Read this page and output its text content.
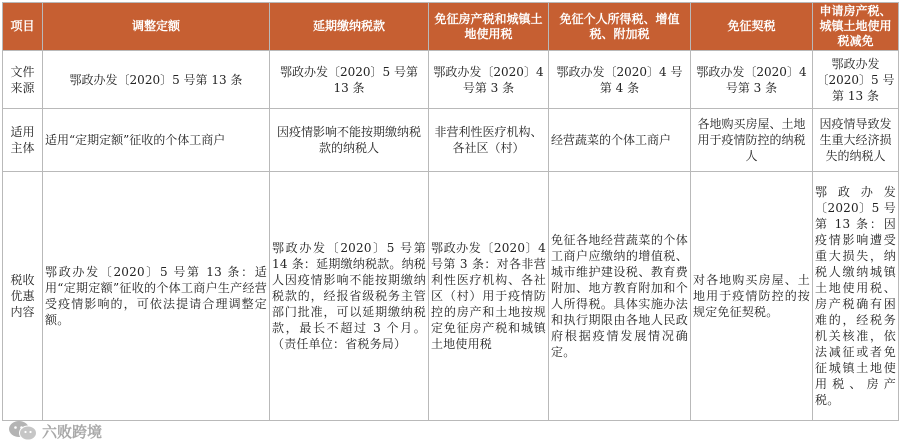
项目	调整定额	延期缴纳税款	免征房产税和城镇土地使用税	免征个人所得税、增值税、附加税	免征契税	申请房产税、城镇土地使用税减免
文件来源	鄂政办发〔2020〕5 号第 13 条	鄂政办发〔2020〕5 号第 13 条	鄂政办发〔2020〕4 号第 3 条	鄂政办发〔2020〕4 号第 4 条	鄂政办发〔2020〕4 号第 3 条	鄂政办发〔2020〕5 号第 13 条
适用主体	适用“定期定额”征收的个体工商户	因疫情影响不能按期缴纳税款的纳税人	非营利性医疗机构、各社区（村）	经营蔬菜的个体工商户	各地购买房屋、土地用于疫情防控的纳税人	因疫情导致发生重大经济损失的纳税人
税收优惠内容	鄂政办发〔2020〕5 号第 13 条：适用“定期定额”征收的个体工商户生产经营受疫情影响的，可依法提请合理调整定额。	鄂政办发〔2020〕5 号第 14 条：延期缴纳税款。纳税人因疫情影响不能按期缴纳税款的，经报省级税务主管部门批准，可以延期缴纳税款，最长不超过 3 个月。（责任单位：省税务局）	鄂政办发〔2020〕4 号第 3 条：对各非营利性医疗机构、各社区（村）用于疫情防控的房产和土地按规定免征房产税和城镇土地使用税	免征各地经营蔬菜的个体工商户应缴纳的增值税、城市维护建设税、教育费附加、地方教育附加和个人所得税。具体实施办法和执行期限由各地人民政府根据疫情发展情况确定。	对各地购买房屋、土地用于疫情防控的按规定免征契税。	鄂政办发〔2020〕5 号第 13 条：因疫情影响遭受重大损失，纳税人缴纳城镇土地使用税、房产税确有困难的，经税务机关核准，依法减征或者免征城镇土地使用税、房产税。
六败跨境
